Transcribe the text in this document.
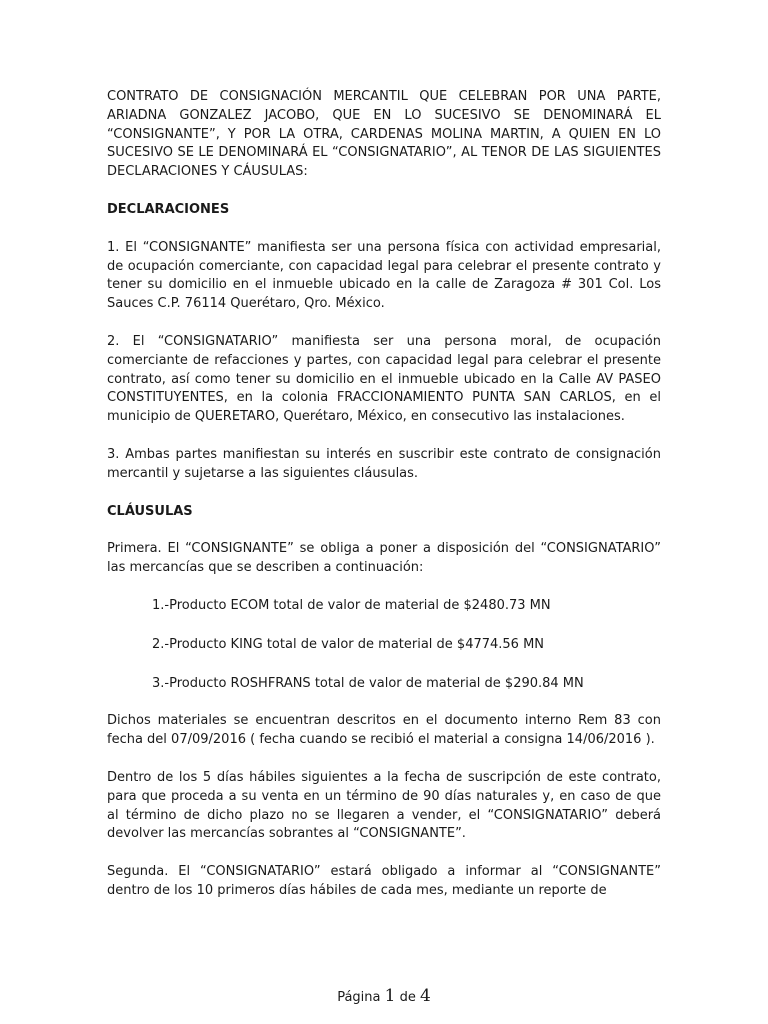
CONTRATO DE CONSIGNACIÓN MERCANTIL QUE CELEBRAN POR UNA PARTE, ARIADNA GONZALEZ JACOBO, QUE EN LO SUCESIVO SE DENOMINARÁ EL “CONSIGNANTE”, Y POR LA OTRA, CARDENAS MOLINA MARTIN, A QUIEN EN LO SUCESIVO SE LE DENOMINARÁ EL “CONSIGNATARIO”, AL TENOR DE LAS SIGUIENTES DECLARACIONES Y CÁUSULAS:

DECLARACIONES

1. El “CONSIGNANTE” manifiesta ser una persona física con actividad empresarial, de ocupación comerciante, con capacidad legal para celebrar el presente contrato y tener su domicilio en el inmueble ubicado en la calle de Zaragoza # 301 Col. Los Sauces C.P. 76114 Querétaro, Qro. México.

2. El “CONSIGNATARIO” manifiesta ser una persona moral, de ocupación comerciante de refacciones y partes, con capacidad legal para celebrar el presente contrato, así como tener su domicilio en el inmueble ubicado en la Calle AV PASEO CONSTITUYENTES, en la colonia FRACCIONAMIENTO PUNTA SAN CARLOS, en el municipio de QUERETARO, Querétaro, México, en consecutivo las instalaciones.

3. Ambas partes manifiestan su interés en suscribir este contrato de consignación mercantil y sujetarse a las siguientes cláusulas.

CLÁUSULAS

Primera. El “CONSIGNANTE” se obliga a poner a disposición del “CONSIGNATARIO” las mercancías que se describen a continuación:

1.-Producto ECOM total de valor de material de $2480.73 MN

2.-Producto KING total de valor de material de $4774.56 MN

3.-Producto ROSHFRANS total de valor de material de $290.84 MN

Dichos materiales se encuentran descritos en el documento interno Rem 83 con fecha del 07/09/2016 ( fecha cuando se recibió el material a consigna 14/06/2016 ).

Dentro de los 5 días hábiles siguientes a la fecha de suscripción de este contrato, para que proceda a su venta en un término de 90 días naturales y, en caso de que al término de dicho plazo no se llegaren a vender, el “CONSIGNATARIO” deberá devolver las mercancías sobrantes al “CONSIGNANTE”.

Segunda. El “CONSIGNATARIO” estará obligado a informar al “CONSIGNANTE” dentro de los 10 primeros días hábiles de cada mes, mediante un reporte de

Página 1 de 4
